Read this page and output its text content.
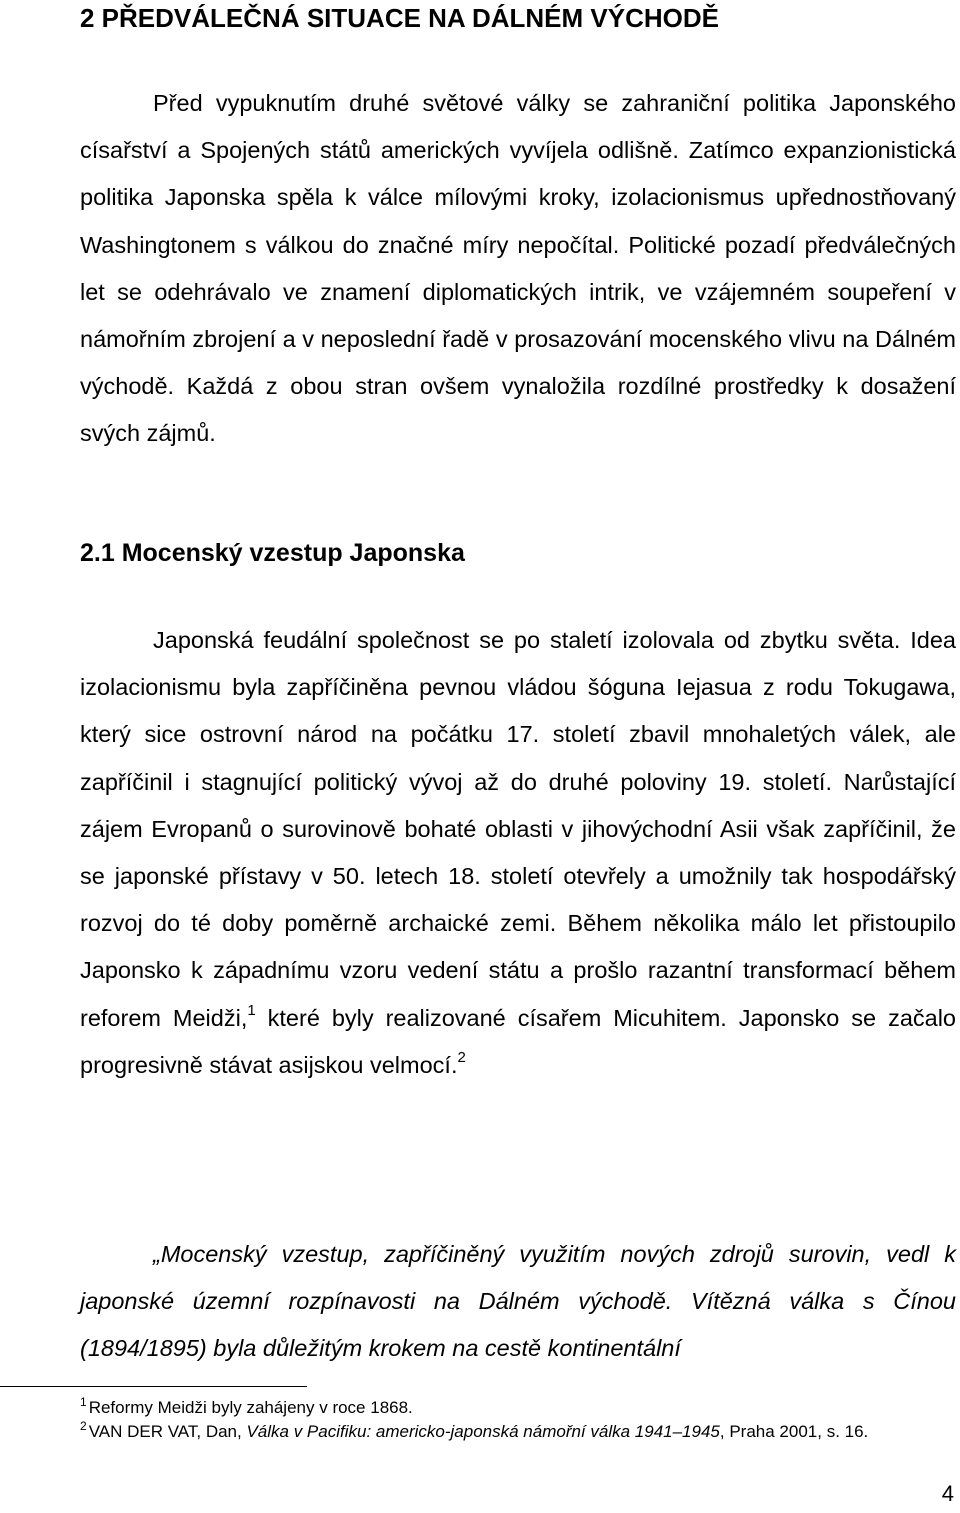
2 PŘEDVÁLEČNÁ SITUACE NA DÁLNÉM VÝCHODĚ

Před vypuknutím druhé světové války se zahraniční politika Japonského císařství a Spojených států amerických vyvíjela odlišně. Zatímco expanzionistická politika Japonska spěla k válce mílovými kroky, izolacionismus upřednostňovaný Washingtonem s válkou do značné míry nepočítal. Politické pozadí předválečných let se odehrávalo ve znamení diplomatických intrik, ve vzájemném soupeření v námořním zbrojení a v neposlední řadě v prosazování mocenského vlivu na Dálném východě. Každá z obou stran ovšem vynaložila rozdílné prostředky k dosažení svých zájmů.

2.1 Mocenský vzestup Japonska

Japonská feudální společnost se po staletí izolovala od zbytku světa. Idea izolacionismu byla zapříčiněna pevnou vládou šóguna Iejasua z rodu Tokugawa, který sice ostrovní národ na počátku 17. století zbavil mnohaletých válek, ale zapříčinil i stagnující politický vývoj až do druhé poloviny 19. století. Narůstající zájem Evropanů o surovinově bohaté oblasti v jihovýchodní Asii však zapříčinil, že se japonské přístavy v 50. letech 18. století otevřely a umožnily tak hospodářský rozvoj do té doby poměrně archaické zemi. Během několika málo let přistoupilo Japonsko k západnímu vzoru vedení státu a prošlo razantní transformací během reforem Meidži,$^1$ které byly realizované císařem Micuhitem. Japonsko se začalo progresivně stávat asijskou velmocí.$^2$

„Mocenský vzestup, zapříčiněný využitím nových zdrojů surovin, vedl k japonské územní rozpínavosti na Dálném východě. Vítězná válka s Čínou (1894/1895) byla důležitým krokem na cestě kontinentální

$^1$ Reformy Meidži byly zahájeny v roce 1868.

$^2$ VAN DER VAT, Dan, Válka v Pacifiku: americko-japonská námořní válka 1941–1945, Praha 2001, s. 16.

4
